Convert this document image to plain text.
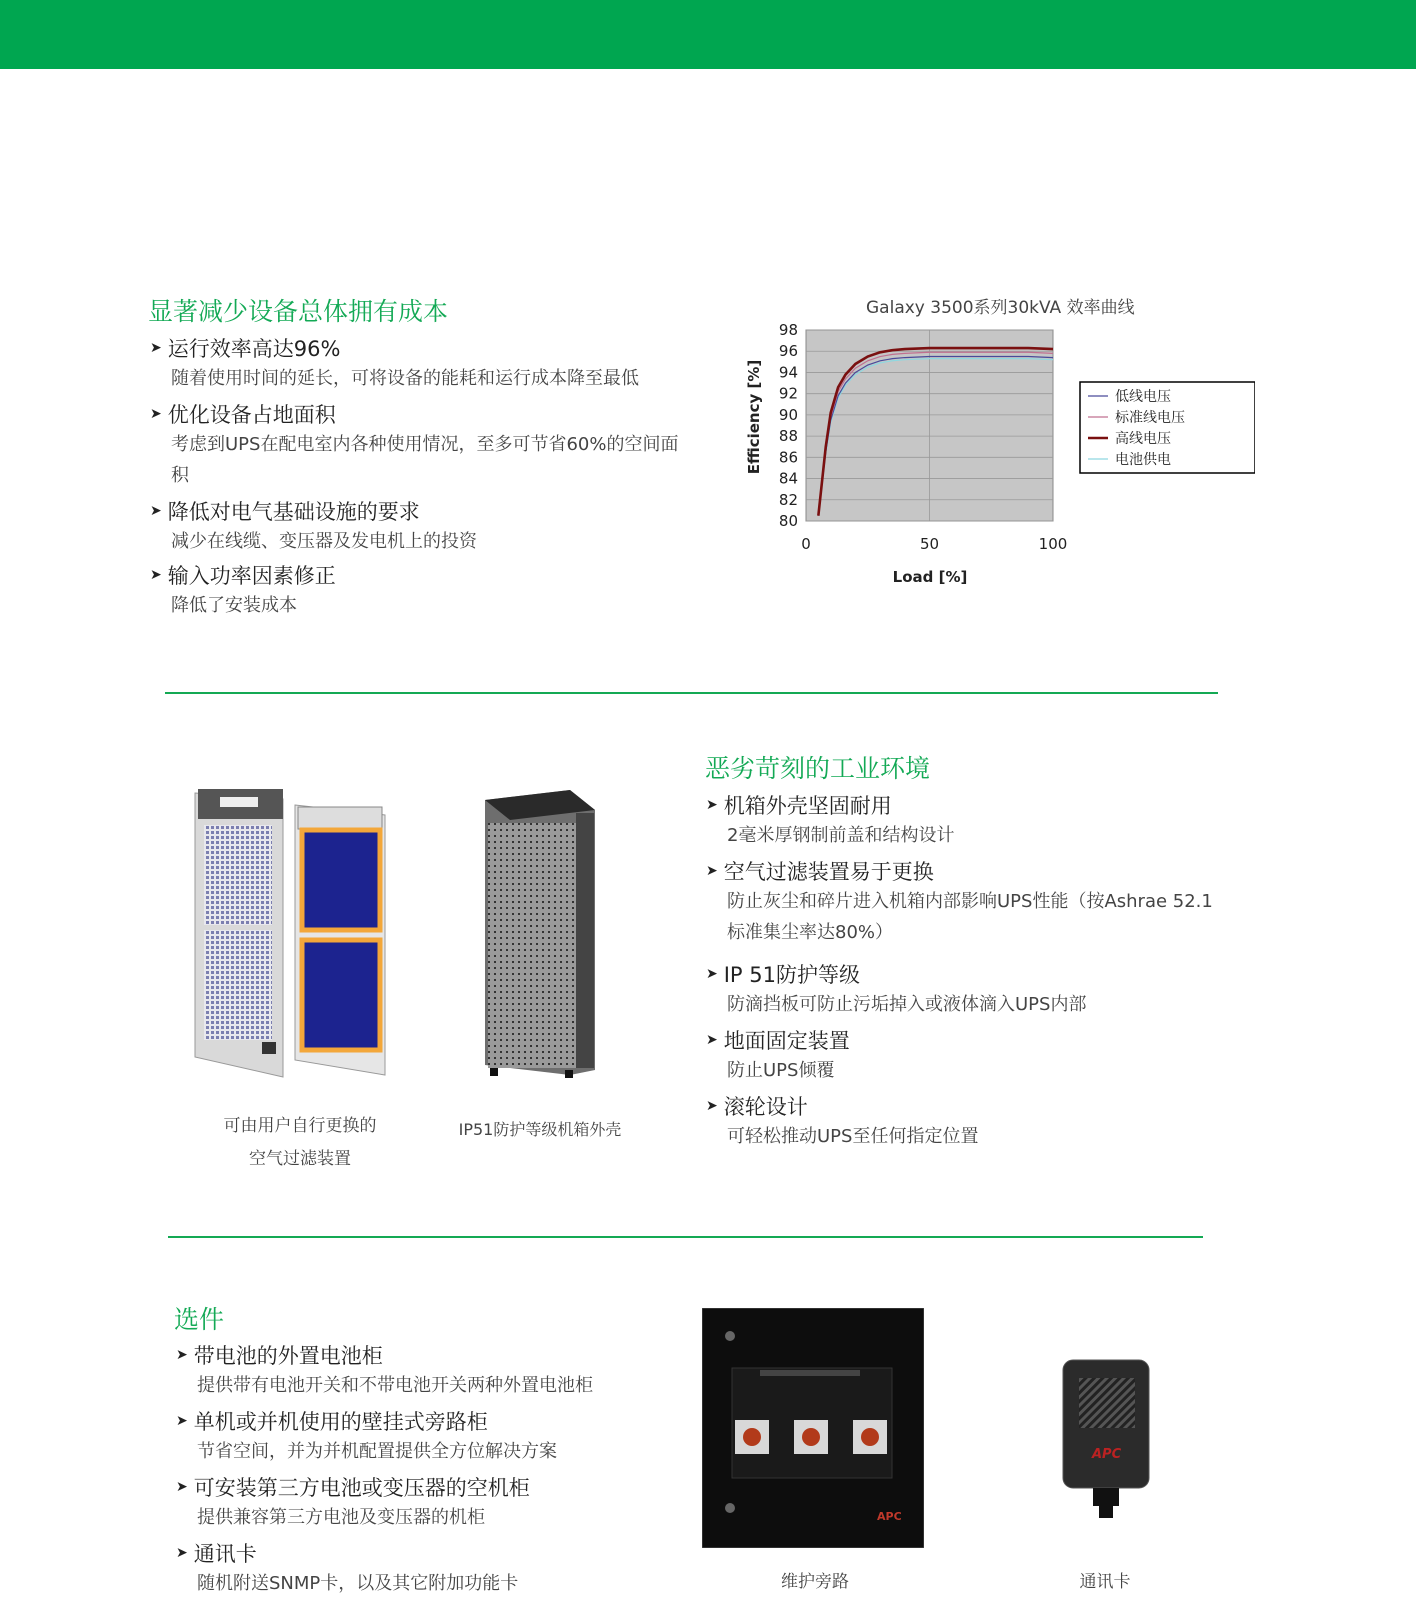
显著减少设备总体拥有成本
➤ 运行效率高达96%
随着使用时间的延长，可将设备的能耗和运行成本降至最低
➤ 优化设备占地面积
考虑到UPS在配电室内各种使用情况，至多可节省60%的空间面积
➤ 降低对电气基础设施的要求
减少在线缆、变压器及发电机上的投资
➤ 输入功率因素修正
降低了安装成本
Galaxy 3500系列30kVA 效率曲线
98
96
94
92
90
88
86
84
82
80
0	50	100
Efficiency [%]
Load [%]
低线电压
标准线电压
高线电压
电池供电
可由用户自行更换的
空气过滤装置
IP51防护等级机箱外壳
恶劣苛刻的工业环境
➤ 机箱外壳坚固耐用
2毫米厚钢制前盖和结构设计
➤ 空气过滤装置易于更换
防止灰尘和碎片进入机箱内部影响UPS性能（按Ashrae 52.1标准集尘率达80%）
➤ IP 51防护等级
防滴挡板可防止污垢掉入或液体滴入UPS内部
➤ 地面固定装置
防止UPS倾覆
➤ 滚轮设计
可轻松推动UPS至任何指定位置
选件
➤ 带电池的外置电池柜
提供带有电池开关和不带电池开关两种外置电池柜
➤ 单机或并机使用的壁挂式旁路柜
节省空间，并为并机配置提供全方位解决方案
➤ 可安装第三方电池或变压器的空机柜
提供兼容第三方电池及变压器的机柜
➤ 通讯卡
随机附送SNMP卡，以及其它附加功能卡
APC
APC
维护旁路	通讯卡
